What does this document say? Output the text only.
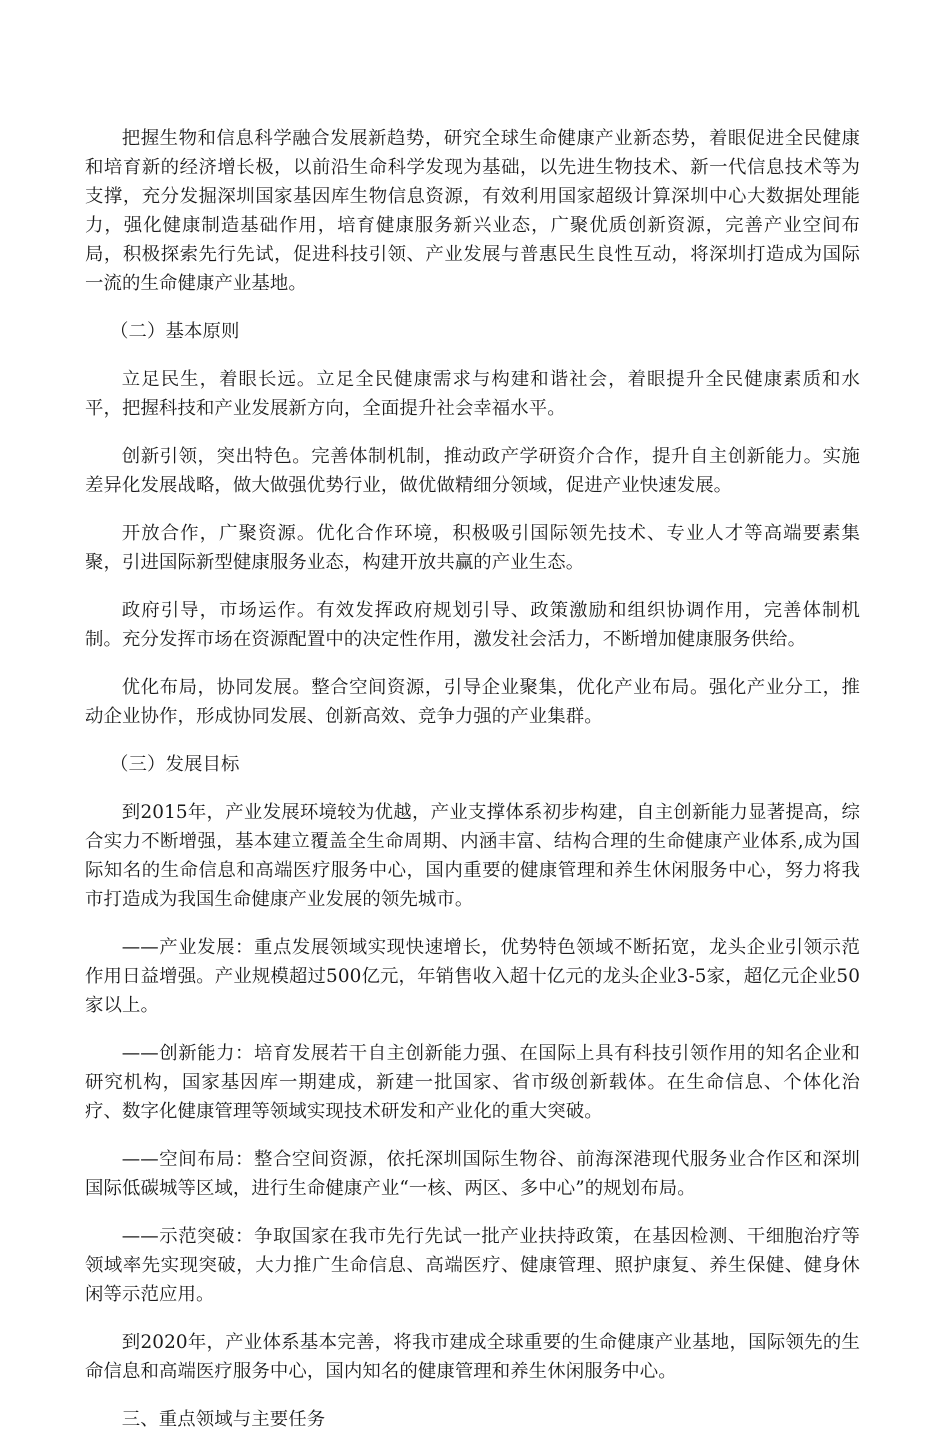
把握生物和信息科学融合发展新趋势，研究全球生命健康产业新态势，着眼促进全民健康和培育新的经济增长极，以前沿生命科学发现为基础，以先进生物技术、新一代信息技术等为支撑，充分发掘深圳国家基因库生物信息资源，有效利用国家超级计算深圳中心大数据处理能力，强化健康制造基础作用，培育健康服务新兴业态，广聚优质创新资源，完善产业空间布局，积极探索先行先试，促进科技引领、产业发展与普惠民生良性互动，将深圳打造成为国际一流的生命健康产业基地。

（二）基本原则

立足民生，着眼长远。立足全民健康需求与构建和谐社会，着眼提升全民健康素质和水平，把握科技和产业发展新方向，全面提升社会幸福水平。

创新引领，突出特色。完善体制机制，推动政产学研资介合作，提升自主创新能力。实施差异化发展战略，做大做强优势行业，做优做精细分领域，促进产业快速发展。

开放合作，广聚资源。优化合作环境，积极吸引国际领先技术、专业人才等高端要素集聚，引进国际新型健康服务业态，构建开放共赢的产业生态。

政府引导，市场运作。有效发挥政府规划引导、政策激励和组织协调作用，完善体制机制。充分发挥市场在资源配置中的决定性作用，激发社会活力，不断增加健康服务供给。

优化布局，协同发展。整合空间资源，引导企业聚集，优化产业布局。强化产业分工，推动企业协作，形成协同发展、创新高效、竞争力强的产业集群。

（三）发展目标

到2015年，产业发展环境较为优越，产业支撑体系初步构建，自主创新能力显著提高，综合实力不断增强，基本建立覆盖全生命周期、内涵丰富、结构合理的生命健康产业体系,成为国际知名的生命信息和高端医疗服务中心，国内重要的健康管理和养生休闲服务中心，努力将我市打造成为我国生命健康产业发展的领先城市。

——产业发展：重点发展领域实现快速增长，优势特色领域不断拓宽，龙头企业引领示范作用日益增强。产业规模超过500亿元，年销售收入超十亿元的龙头企业3-5家，超亿元企业50家以上。

——创新能力：培育发展若干自主创新能力强、在国际上具有科技引领作用的知名企业和研究机构，国家基因库一期建成，新建一批国家、省市级创新载体。在生命信息、个体化治疗、数字化健康管理等领域实现技术研发和产业化的重大突破。

——空间布局：整合空间资源，依托深圳国际生物谷、前海深港现代服务业合作区和深圳国际低碳城等区域，进行生命健康产业“一核、两区、多中心”的规划布局。

——示范突破：争取国家在我市先行先试一批产业扶持政策，在基因检测、干细胞治疗等领域率先实现突破，大力推广生命信息、高端医疗、健康管理、照护康复、养生保健、健身休闲等示范应用。

到2020年，产业体系基本完善，将我市建成全球重要的生命健康产业基地，国际领先的生命信息和高端医疗服务中心，国内知名的健康管理和养生休闲服务中心。

三、重点领域与主要任务
